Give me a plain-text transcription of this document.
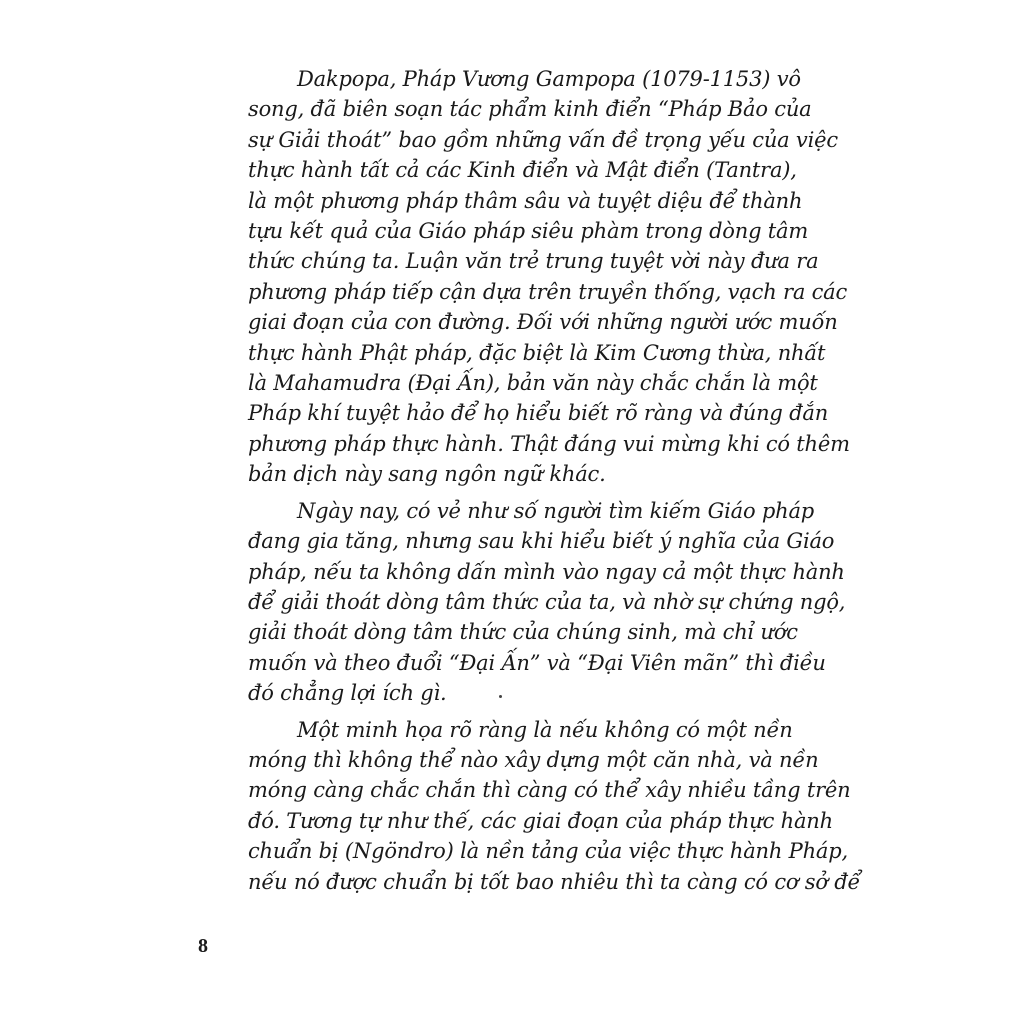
Dakpopa, Pháp Vương Gampopa (1079-1153) vô
song, đã biên soạn tác phẩm kinh điển “Pháp Bảo của
sự Giải thoát” bao gồm những vấn đề trọng yếu của việc
thực hành tất cả các Kinh điển và Mật điển (Tantra),
là một phương pháp thâm sâu và tuyệt diệu để thành
tựu kết quả của Giáo pháp siêu phàm trong dòng tâm
thức chúng ta. Luận văn trẻ trung tuyệt vời này đưa ra
phương pháp tiếp cận dựa trên truyền thống, vạch ra các
giai đoạn của con đường. Đối với những người ước muốn
thực hành Phật pháp, đặc biệt là Kim Cương thừa, nhất
là Mahamudra (Đại Ấn), bản văn này chắc chắn là một
Pháp khí tuyệt hảo để họ hiểu biết rõ ràng và đúng đắn
phương pháp thực hành. Thật đáng vui mừng khi có thêm
bản dịch này sang ngôn ngữ khác.

Ngày nay, có vẻ như số người tìm kiếm Giáo pháp
đang gia tăng, nhưng sau khi hiểu biết ý nghĩa của Giáo
pháp, nếu ta không dấn mình vào ngay cả một thực hành
để giải thoát dòng tâm thức của ta, và nhờ sự chứng ngộ,
giải thoát dòng tâm thức của chúng sinh, mà chỉ ước
muốn và theo đuổi “Đại Ấn” và “Đại Viên mãn” thì điều
đó chẳng lợi ích gì.

Một minh họa rõ ràng là nếu không có một nền
móng thì không thể nào xây dựng một căn nhà, và nền
móng càng chắc chắn thì càng có thể xây nhiều tầng trên
đó. Tương tự như thế, các giai đoạn của pháp thực hành
chuẩn bị (Ngöndro) là nền tảng của việc thực hành Pháp,
nếu nó được chuẩn bị tốt bao nhiêu thì ta càng có cơ sở để

8
